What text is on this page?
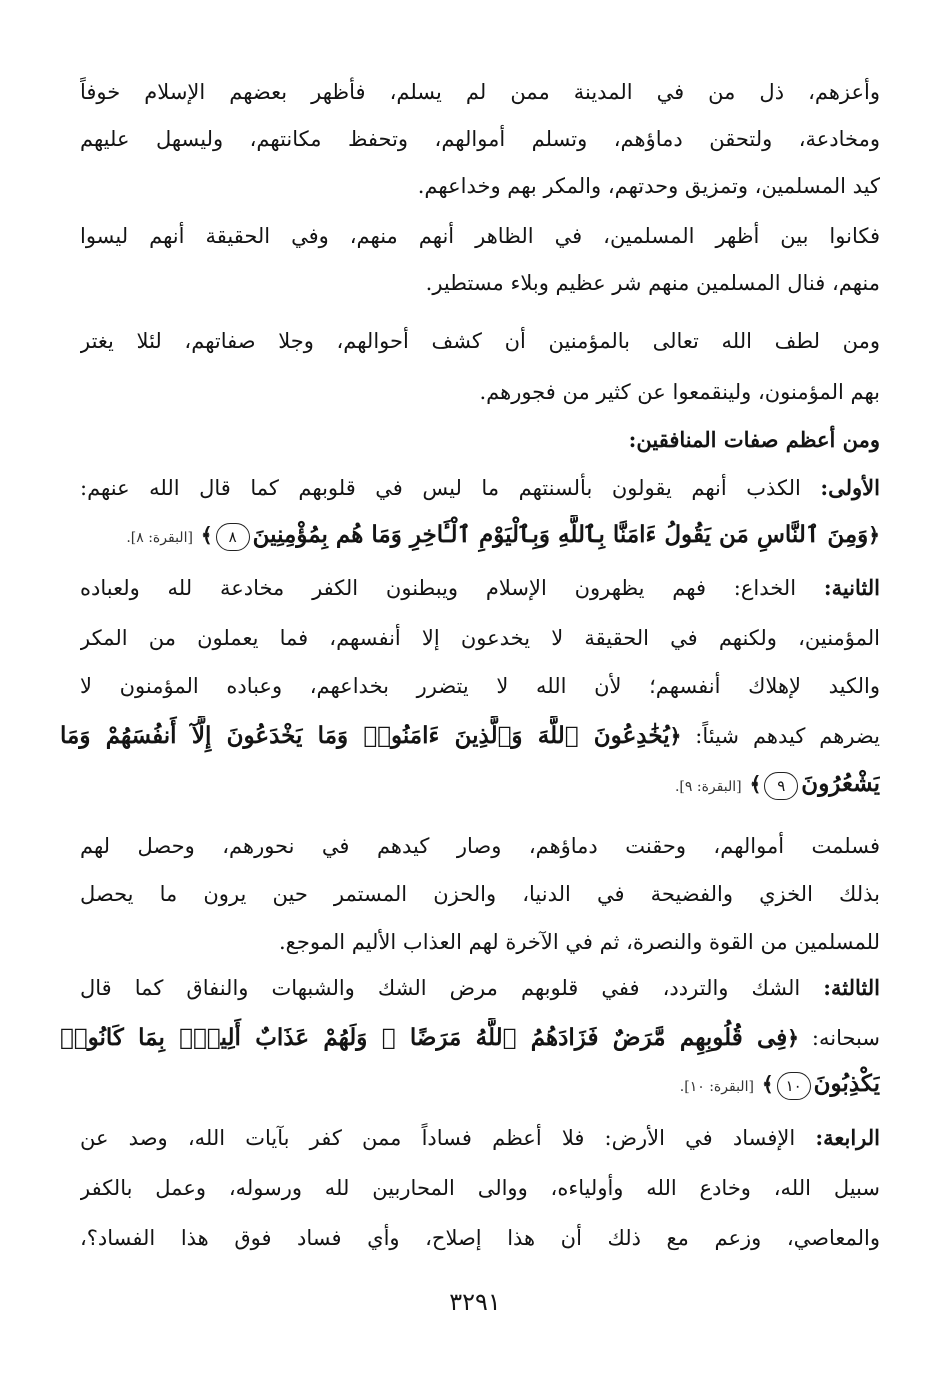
وأعزهم، ذل من في المدينة ممن لم يسلم، فأظهر بعضهم الإسلام خوفاً
ومخادعة، ولتحقن دماؤهم، وتسلم أموالهم، وتحفظ مكانتهم، وليسهل عليهم
كيد المسلمين، وتمزيق وحدتهم، والمكر بهم وخداعهم.
فكانوا بين أظهر المسلمين، في الظاهر أنهم منهم، وفي الحقيقة أنهم ليسوا
منهم، فنال المسلمين منهم شر عظيم وبلاء مستطير.
ومن لطف الله تعالى بالمؤمنين أن كشف أحوالهم، وجلا صفاتهم، لئلا يغتر
بهم المؤمنون، ولينقمعوا عن كثير من فجورهم.
ومن أعظم صفات المنافقين:
الأولى: الكذب أنهم يقولون بألسنتهم ما ليس في قلوبهم كما قال الله عنهم:
﴿وَمِنَ ٱلنَّاسِ مَن يَقُولُ ءَامَنَّا بِٱللَّهِ وَبِٱلْيَوْمِ ٱلْـَٔاخِرِ وَمَا هُم بِمُؤْمِنِينَ٨﴾[البقرة: ٨].
الثانية: الخداع: فهم يظهرون الإسلام ويبطنون الكفر مخادعة لله ولعباده
المؤمنين، ولكنهم في الحقيقة لا يخدعون إلا أنفسهم، فما يعملون من المكر
والكيد لإهلاك أنفسهم؛ لأن الله لا يتضرر بخداعهم، وعباده المؤمنون لا
يضرهم كيدهم شيئاً: ﴿يُخَٰدِعُونَ ٱللَّهَ وَٱلَّذِينَ ءَامَنُوا۟ وَمَا يَخْدَعُونَ إِلَّآ أَنفُسَهُمْ وَمَا
يَشْعُرُونَ٩﴾[البقرة: ٩].
فسلمت أموالهم، وحقنت دماؤهم، وصار كيدهم في نحورهم، وحصل لهم
بذلك الخزي والفضيحة في الدنيا، والحزن المستمر حين يرون ما يحصل
للمسلمين من القوة والنصرة، ثم في الآخرة لهم العذاب الأليم الموجع.
الثالثة: الشك والتردد، ففي قلوبهم مرض الشك والشبهات والنفاق كما قال
سبحانه: ﴿فِى قُلُوبِهِم مَّرَضٌ فَزَادَهُمُ ٱللَّهُ مَرَضًا ۖ وَلَهُمْ عَذَابٌ أَلِيمٌۢ بِمَا كَانُوا۟
يَكْذِبُونَ١٠﴾[البقرة: ١٠].
الرابعة: الإفساد في الأرض: فلا أعظم فساداً ممن كفر بآيات الله، وصد عن
سبيل الله، وخادع الله وأولياءه، ووالى المحاربين لله ورسوله، وعمل بالكفر
والمعاصي، وزعم مع ذلك أن هذا إصلاح، وأي فساد فوق هذا الفساد؟،
٣٢٩١
